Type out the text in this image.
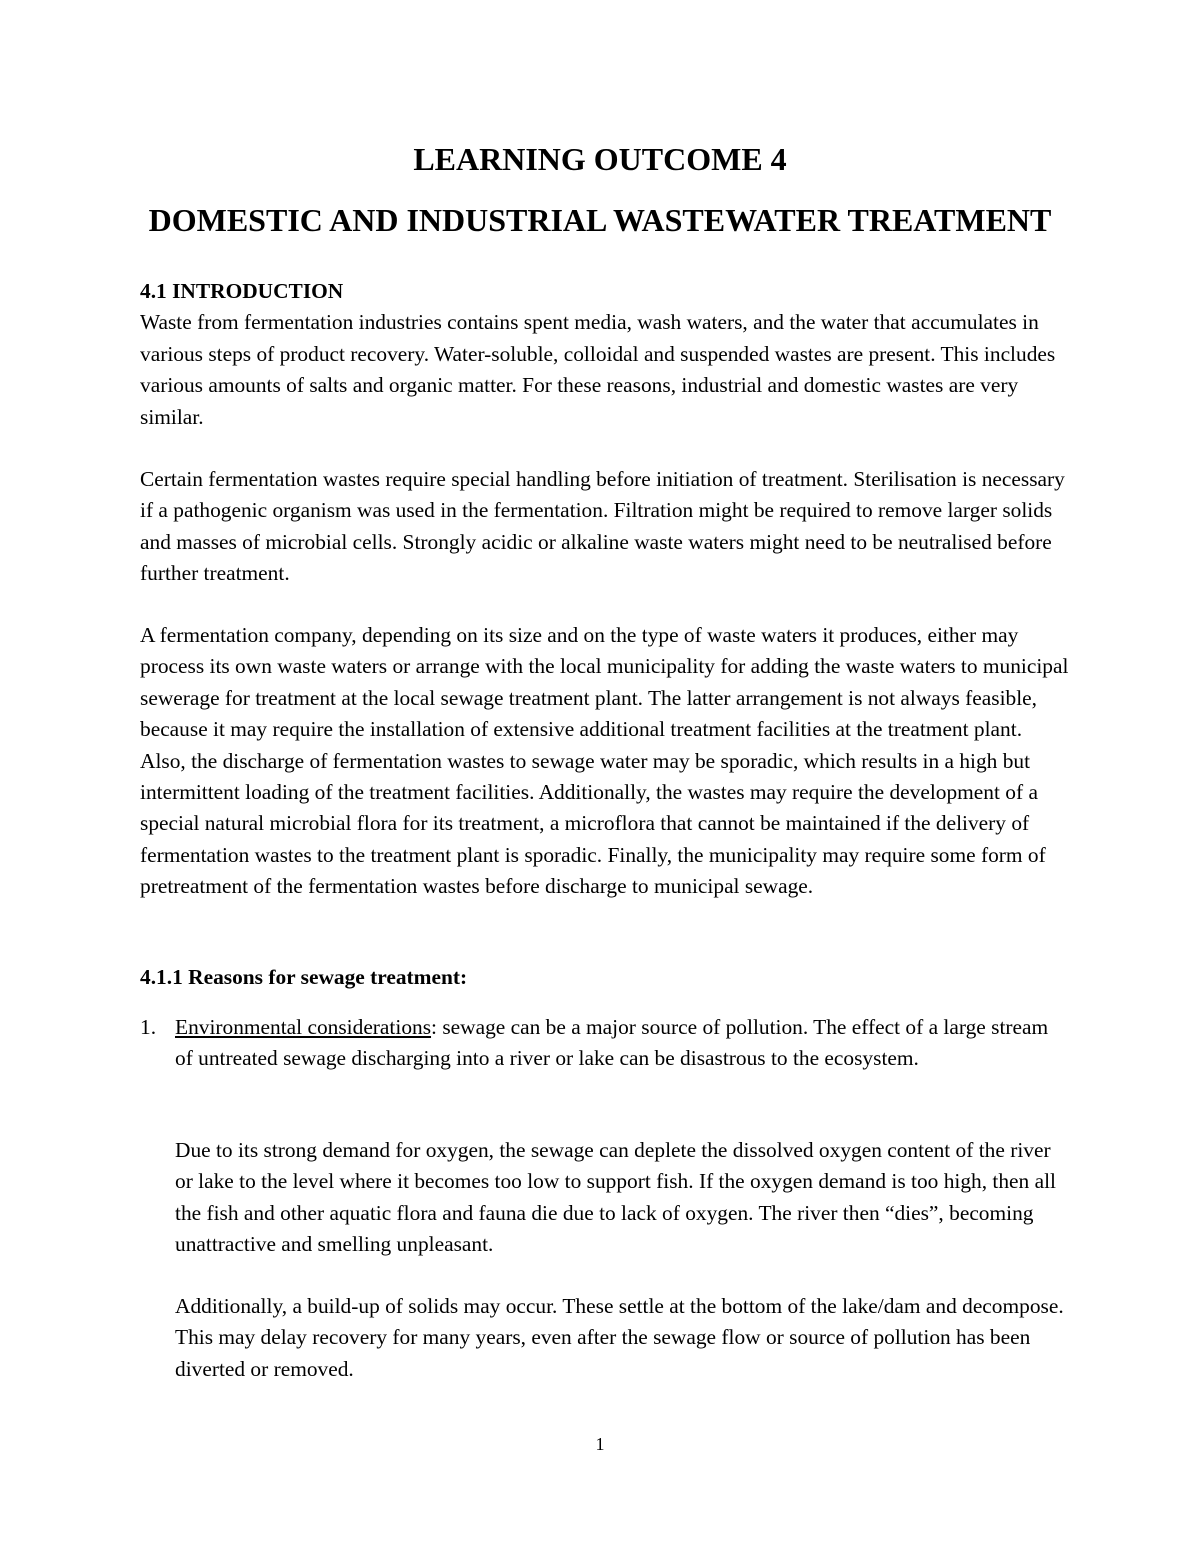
LEARNING OUTCOME 4
DOMESTIC AND INDUSTRIAL WASTEWATER TREATMENT
4.1 INTRODUCTION
Waste from fermentation industries contains spent media, wash waters, and the water that accumulates in various steps of product recovery. Water-soluble, colloidal and suspended wastes are present. This includes various amounts of salts and organic matter. For these reasons, industrial and domestic wastes are very similar.

Certain fermentation wastes require special handling before initiation of treatment. Sterilisation is necessary if a pathogenic organism was used in the fermentation. Filtration might be required to remove larger solids and masses of microbial cells. Strongly acidic or alkaline waste waters might need to be neutralised before further treatment.

A fermentation company, depending on its size and on the type of waste waters it produces, either may process its own waste waters or arrange with the local municipality for adding the waste waters to municipal sewerage for treatment at the local sewage treatment plant. The latter arrangement is not always feasible, because it may require the installation of extensive additional treatment facilities at the treatment plant. Also, the discharge of fermentation wastes to sewage water may be sporadic, which results in a high but intermittent loading of the treatment facilities. Additionally, the wastes may require the development of a special natural microbial flora for its treatment, a microflora that cannot be maintained if the delivery of fermentation wastes to the treatment plant is sporadic. Finally, the municipality may require some form of pretreatment of the fermentation wastes before discharge to municipal sewage.

4.1.1 Reasons for sewage treatment:

1. Environmental considerations: sewage can be a major source of pollution. The effect of a large stream of untreated sewage discharging into a river or lake can be disastrous to the ecosystem.

Due to its strong demand for oxygen, the sewage can deplete the dissolved oxygen content of the river or lake to the level where it becomes too low to support fish. If the oxygen demand is too high, then all the fish and other aquatic flora and fauna die due to lack of oxygen. The river then “dies”, becoming unattractive and smelling unpleasant.

Additionally, a build-up of solids may occur. These settle at the bottom of the lake/dam and decompose. This may delay recovery for many years, even after the sewage flow or source of pollution has been diverted or removed.

1
